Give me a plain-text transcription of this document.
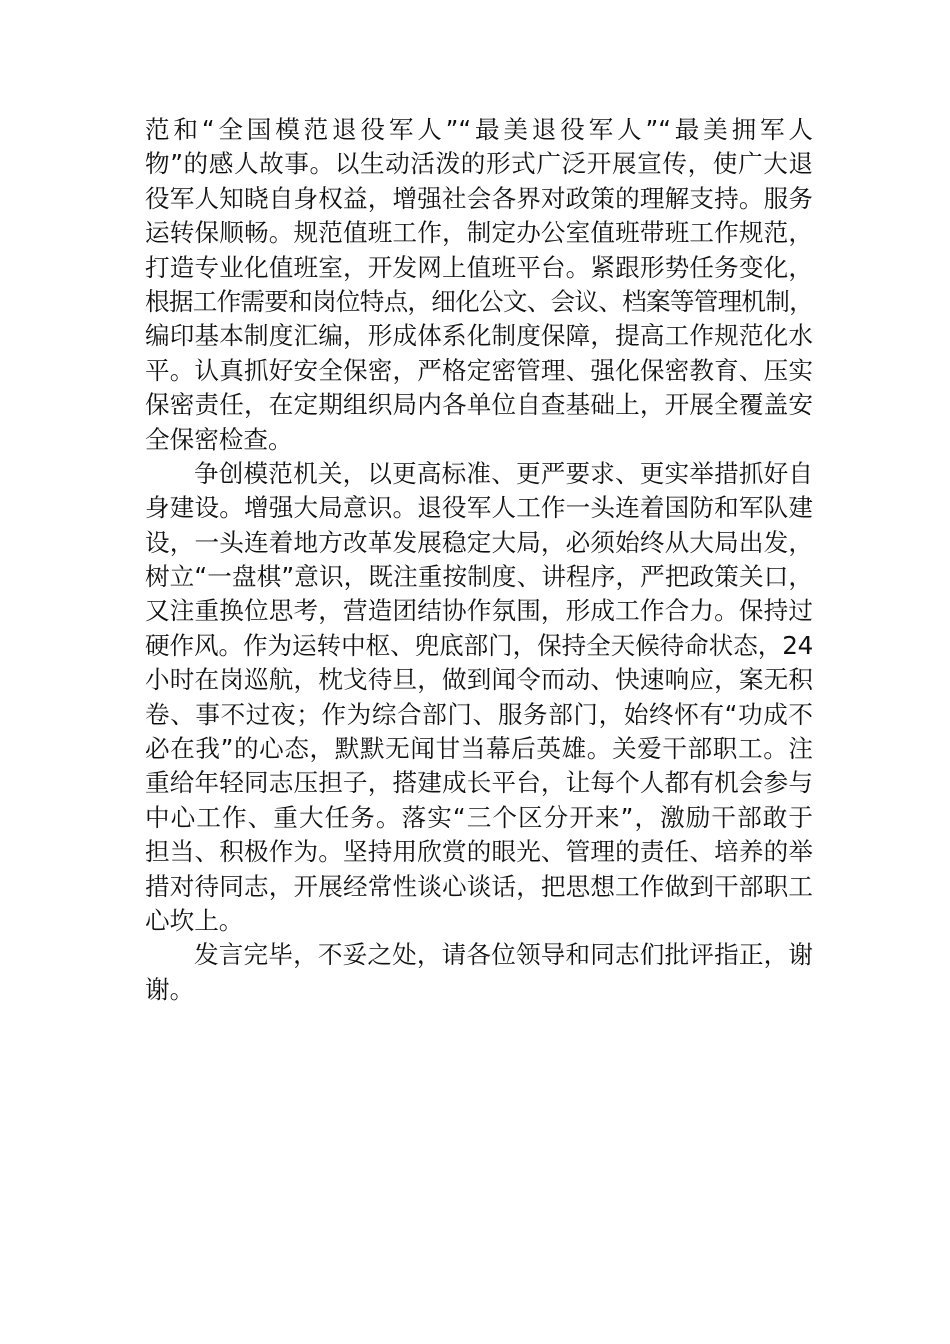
范和“全国模范退役军人”“最美退役军人”“最美拥军人
物”的感人故事。以生动活泼的形式广泛开展宣传，使广大退
役军人知晓自身权益，增强社会各界对政策的理解支持。服务
运转保顺畅。规范值班工作，制定办公室值班带班工作规范，
打造专业化值班室，开发网上值班平台。紧跟形势任务变化，
根据工作需要和岗位特点，细化公文、会议、档案等管理机制，
编印基本制度汇编，形成体系化制度保障，提高工作规范化水
平。认真抓好安全保密，严格定密管理、强化保密教育、压实
保密责任，在定期组织局内各单位自查基础上，开展全覆盖安
全保密检查。
争创模范机关，以更高标准、更严要求、更实举措抓好自
身建设。增强大局意识。退役军人工作一头连着国防和军队建
设，一头连着地方改革发展稳定大局，必须始终从大局出发，
树立“一盘棋”意识，既注重按制度、讲程序，严把政策关口，
又注重换位思考，营造团结协作氛围，形成工作合力。保持过
硬作风。作为运转中枢、兜底部门，保持全天候待命状态，24
小时在岗巡航，枕戈待旦，做到闻令而动、快速响应，案无积
卷、事不过夜；作为综合部门、服务部门，始终怀有“功成不
必在我”的心态，默默无闻甘当幕后英雄。关爱干部职工。注
重给年轻同志压担子，搭建成长平台，让每个人都有机会参与
中心工作、重大任务。落实“三个区分开来”，激励干部敢于
担当、积极作为。坚持用欣赏的眼光、管理的责任、培养的举
措对待同志，开展经常性谈心谈话，把思想工作做到干部职工
心坎上。
发言完毕，不妥之处，请各位领导和同志们批评指正，谢
谢。
